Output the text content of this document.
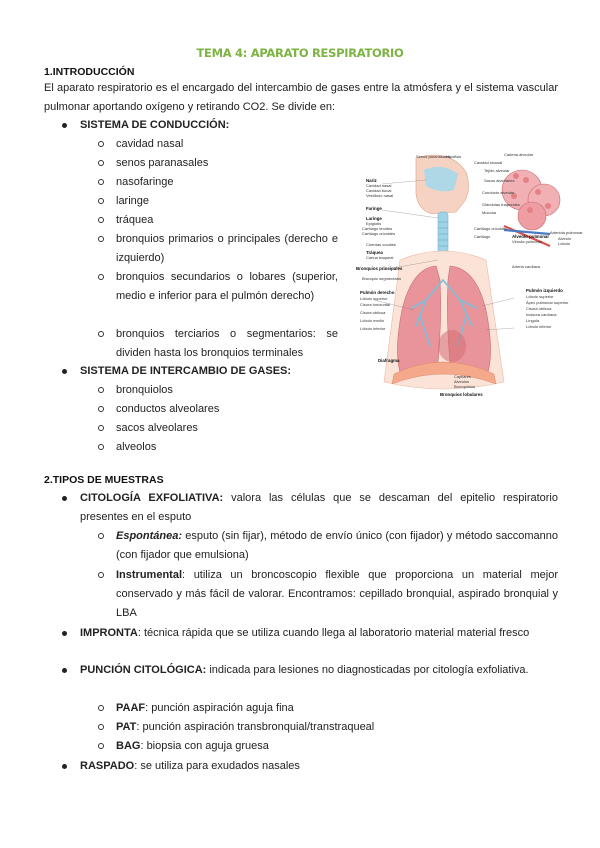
TEMA 4: APARATO RESPIRATORIO
1.INTRODUCCIÓN
El aparato respiratorio es el encargado del intercambio de gases entre la atmósfera y el sistema vascular pulmonar aportando oxígeno y retirando CO2. Se divide en:
SISTEMA DE CONDUCCIÓN:
cavidad nasal
senos paranasales
nasofaringe
laringe
tráquea
bronquios primarios o principales (derecho e izquierdo)
bronquios secundarios o lobares (superior, medio e inferior para el pulmón derecho)
bronquios terciarios o segmentarios: se dividen hasta los bronquios terminales
SISTEMA DE INTERCAMBIO DE GASES:
bronquiolos
conductos alveolares
sacos alveolares
alveolos
Senos paranasales
Nariz
Cavidad nasal
Cavidad bucal
Vestíbulo nasal
Faringe
Laringe
Epiglotis
Cartílago tiroides
Cartílago cricoides
Cuerdas vocales
Tráquea
Carina traqueal
Bronquios principales
Bronquio segmentario
Pulmón derecho
Lóbulo superior
Cisura horizontal
Cisura oblicua
Lóbulo medio
Lóbulo inferior
Diafragma
Hipófisis
Cavidad sinusal
Cadena alveolar
Tejido alveolar
Sacos alveolares
Conducto alveolar
Glándulas traqueales
Mucosa
Cartílago cricoides
Cartílago	Alveolo pulmonar
Vénula pulmonar
Arteriola pulmonar
Alveolo
Lóbulo
Arteria cardiaca
Pulmón izquierdo
Lóbulo superior
Ápex pulmonar superior
Cisura oblicua
Incisura cardíaca
Língula
Lóbulo inferior
Capilares
Alveolos
Bronquiolos
Bronquios lobulares
2.TIPOS DE MUESTRAS
CITOLOGÍA EXFOLIATIVA: valora las células que se descaman del epitelio respiratorio presentes en el esputo
Espontánea: esputo (sin fijar), método de envío único (con fijador) y método saccomanno (con fijador que emulsiona)
Instrumental: utiliza un broncoscopio flexible que proporciona un material mejor conservado y más fácil de valorar. Encontramos: cepillado bronquial, aspirado bronquial y LBA
IMPRONTA: técnica rápida que se utiliza cuando llega al laboratorio material material fresco
PUNCIÓN CITOLÓGICA: indicada para lesiones no diagnosticadas por citología exfoliativa.
PAAF: punción aspiración aguja fina
PAT: punción aspiración transbronquial/transtraqueal
BAG: biopsia con aguja gruesa
RASPADO: se utiliza para exudados nasales
